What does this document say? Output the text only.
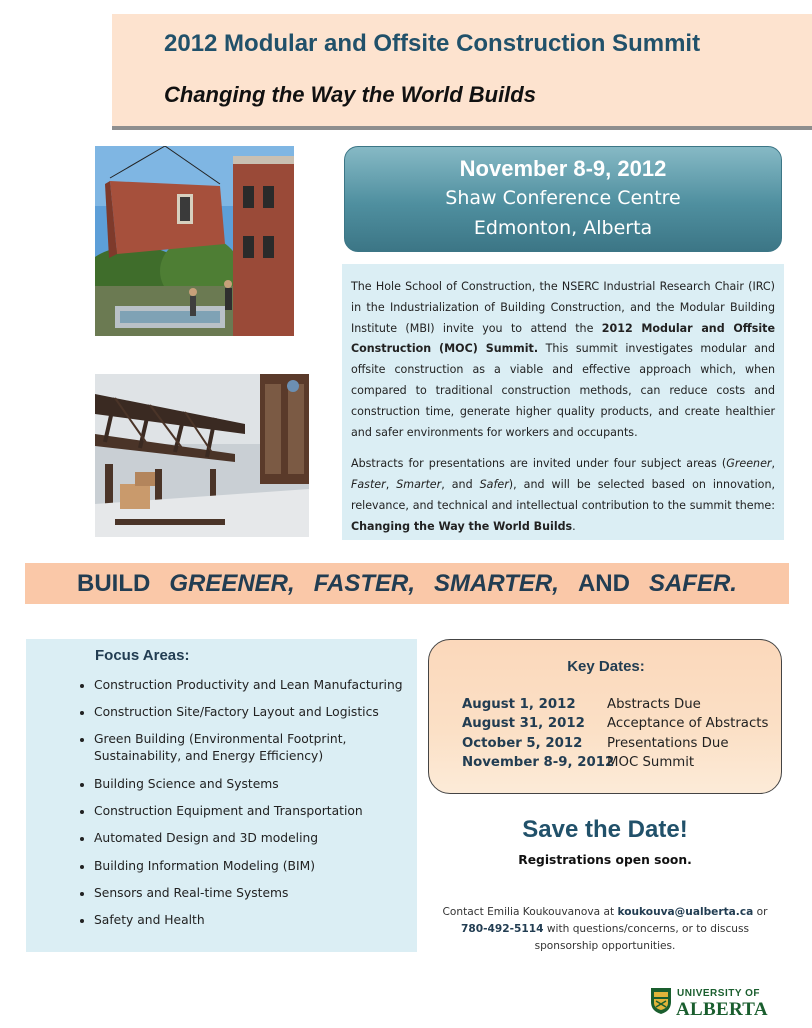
2012 Modular and Offsite Construction Summit
Changing the Way the World Builds
November 8-9, 2012
Shaw Conference Centre
Edmonton, Alberta

The Hole School of Construction, the NSERC Industrial Research Chair (IRC) in the Industrialization of Building Construction, and the Modular Building Institute (MBI) invite you to attend the 2012 Modular and Offsite Construction (MOC) Summit. This summit investigates modular and offsite construction as a viable and effective approach which, when compared to traditional construction methods, can reduce costs and construction time, generate higher quality products, and create healthier and safer environments for workers and occupants.

Abstracts for presentations are invited under four subject areas (Greener, Faster, Smarter, and Safer), and will be selected based on innovation, relevance, and technical and intellectual contribution to the summit theme: Changing the Way the World Builds.

BUILD GREENER, FASTER, SMARTER, AND SAFER.
Focus Areas:
• Construction Productivity and Lean Manufacturing
• Construction Site/Factory Layout and Logistics
• Green Building (Environmental Footprint, Sustainability, and Energy Efficiency)
• Building Science and Systems
• Construction Equipment and Transportation
• Automated Design and 3D modeling
• Building Information Modeling (BIM)
• Sensors and Real-time Systems
• Safety and Health
Key Dates:
August 1, 2012 Abstracts Due
August 31, 2012 Acceptance of Abstracts
October 5, 2012 Presentations Due
November 8-9, 2012
MOC Summit
Save the Date!
Registrations open soon.
Contact Emilia Koukouvanova at koukouva@ualberta.ca or
780-492-5114 with questions/concerns, or to discuss sponsorship opportunities.
UNIVERSITY OF
ALBERTA
